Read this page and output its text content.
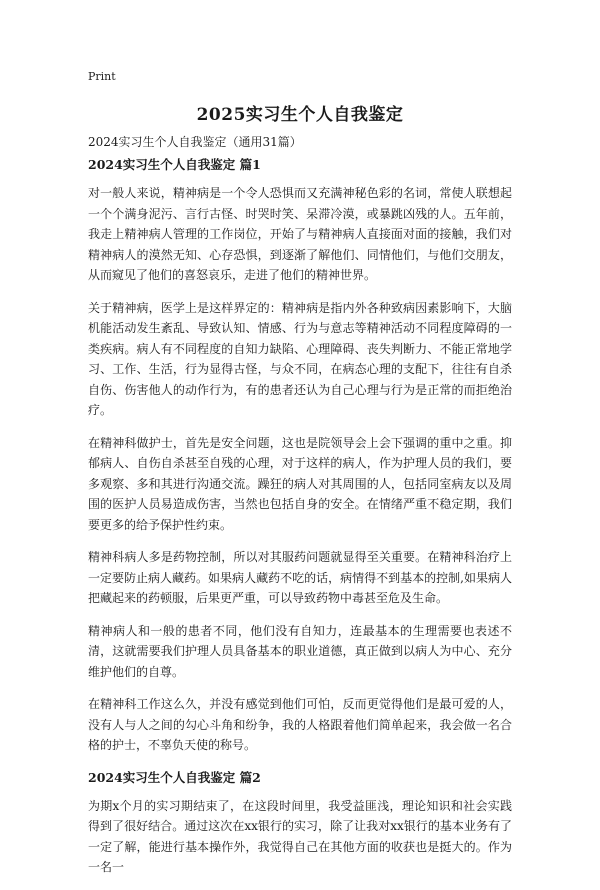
Print
2025实习生个人自我鉴定
2024实习生个人自我鉴定（通用31篇）
2024实习生个人自我鉴定 篇1

对一般人来说，精神病是一个令人恐惧而又充满神秘色彩的名词，常使人联想起一个个满身泥污、言行古怪、时哭时笑、呆滞冷漠，或暴跳凶残的人。五年前，我走上精神病人管理的工作岗位，开始了与精神病人直接面对面的接触，我们对精神病人的漠然无知、心存恐惧，到逐渐了解他们、同情他们，与他们交朋友，从而窥见了他们的喜怒哀乐，走进了他们的精神世界。

关于精神病，医学上是这样界定的：精神病是指内外各种致病因素影响下，大脑机能活动发生紊乱、导致认知、情感、行为与意志等精神活动不同程度障碍的一类疾病。病人有不同程度的自知力缺陷、心理障碍、丧失判断力、不能正常地学习、工作、生活，行为显得古怪，与众不同，在病态心理的支配下，往往有自杀自伤、伤害他人的动作行为，有的患者还认为自己心理与行为是正常的而拒绝治疗。

在精神科做护士，首先是安全问题，这也是院领导会上会下强调的重中之重。抑郁病人、自伤自杀甚至自残的心理，对于这样的病人，作为护理人员的我们，要多观察、多和其进行沟通交流。躁狂的病人对其周围的人，包括同室病友以及周围的医护人员易造成伤害，当然也包括自身的安全。在情绪严重不稳定期，我们要更多的给予保护性约束。

精神科病人多是药物控制，所以对其服药问题就显得至关重要。在精神科治疗上一定要防止病人藏药。如果病人藏药不吃的话，病情得不到基本的控制,如果病人把藏起来的药顿服，后果更严重，可以导致药物中毒甚至危及生命。

精神病人和一般的患者不同，他们没有自知力，连最基本的生理需要也表述不清，这就需要我们护理人员具备基本的职业道德，真正做到以病人为中心、充分维护他们的自尊。

在精神科工作这么久，并没有感觉到他们可怕，反而更觉得他们是最可爱的人，没有人与人之间的勾心斗角和纷争，我的人格跟着他们简单起来，我会做一名合格的护士，不辜负天使的称号。

2024实习生个人自我鉴定 篇2

为期x个月的实习期结束了，在这段时间里，我受益匪浅，理论知识和社会实践得到了很好结合。通过这次在xx银行的实习，除了让我对xx银行的基本业务有了一定了解，能进行基本操作外，我觉得自己在其他方面的收获也是挺大的。作为一名一
